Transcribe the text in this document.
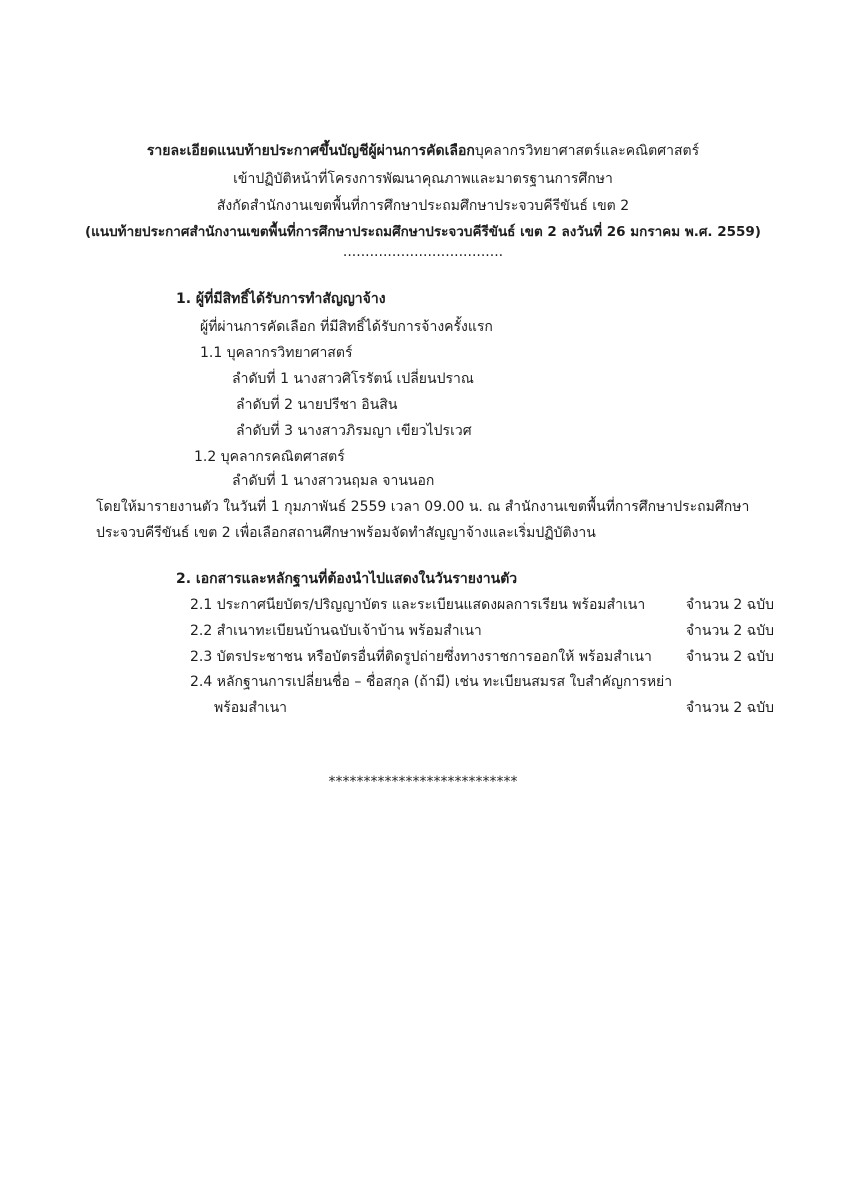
รายละเอียดแนบท้ายประกาศขึ้นบัญชีผู้ผ่านการคัดเลือกบุคลากรวิทยาศาสตร์และคณิตศาสตร์
เข้าปฏิบัติหน้าที่โครงการพัฒนาคุณภาพและมาตรฐานการศึกษา
สังกัดสำนักงานเขตพื้นที่การศึกษาประถมศึกษาประจวบคีรีขันธ์ เขต 2
(แนบท้ายประกาศสำนักงานเขตพื้นที่การศึกษาประถมศึกษาประจวบคีรีขันธ์ เขต 2 ลงวันที่ 26 มกราคม พ.ศ. 2559)
....................................
1. ผู้ที่มีสิทธิ์ได้รับการทำสัญญาจ้าง
ผู้ที่ผ่านการคัดเลือก ที่มีสิทธิ์ได้รับการจ้างครั้งแรก
1.1 บุคลากรวิทยาศาสตร์
ลำดับที่ 1 นางสาวศิโรรัตน์ เปลี่ยนปราณ
ลำดับที่ 2 นายปรีชา อินสิน
ลำดับที่ 3 นางสาวภิรมญา เขียวไปรเวศ
1.2 บุคลากรคณิตศาสตร์
ลำดับที่ 1 นางสาวนฤมล จานนอก
โดยให้มารายงานตัว ในวันที่ 1 กุมภาพันธ์ 2559 เวลา 09.00 น. ณ สำนักงานเขตพื้นที่การศึกษาประถมศึกษา
ประจวบคีรีขันธ์ เขต 2 เพื่อเลือกสถานศึกษาพร้อมจัดทำสัญญาจ้างและเริ่มปฏิบัติงาน
2. เอกสารและหลักฐานที่ต้องนำไปแสดงในวันรายงานตัว
2.1 ประกาศนียบัตร/ปริญญาบัตร และระเบียนแสดงผลการเรียน พร้อมสำเนา	จำนวน 2 ฉบับ
2.2 สำเนาทะเบียนบ้านฉบับเจ้าบ้าน พร้อมสำเนา	จำนวน 2 ฉบับ
2.3 บัตรประชาชน หรือบัตรอื่นที่ติดรูปถ่ายซึ่งทางราชการออกให้ พร้อมสำเนา จำนวน 2 ฉบับ
2.4 หลักฐานการเปลี่ยนชื่อ – ชื่อสกุล (ถ้ามี) เช่น ทะเบียนสมรส ใบสำคัญการหย่า
พร้อมสำเนา	จำนวน 2 ฉบับ
***************************
